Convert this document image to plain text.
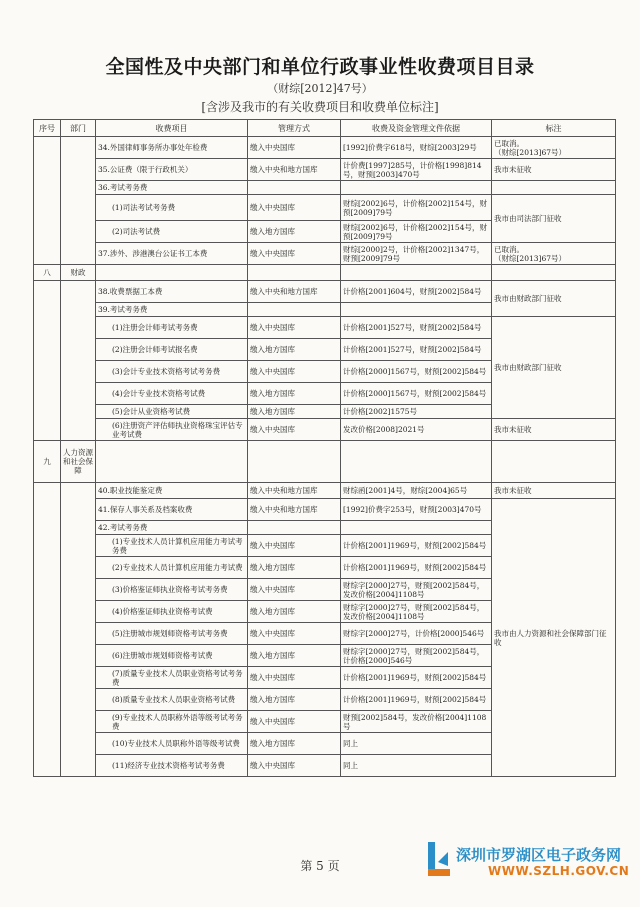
全国性及中央部门和单位行政事业性收费项目目录
（财综[2012]47号）
[含涉及我市的有关收费项目和收费单位标注]
序号	部门	收费项目	管理方式	收费及资金管理文件依据	标注
		34.外国律师事务所办事处年检费	缴入中央国库	[1992]价费字618号，财综[2003]29号	已取消。
（财综[2013]67号）
		35.公证费（限于行政机关）	缴入中央和地方国库	计价费[1997]285号，计价格[1998]814号，财预[2003]470号	我市未征收
		36.考试考务费			
		(1)司法考试考务费	缴入中央国库	财综[2002]6号，计价格[2002]154号，财预[2009]79号	我市由司法部门征收
		(2)司法考试费	缴入地方国库	财综[2002]6号，计价格[2002]154号，财预[2009]79号	
		37.涉外、涉港澳台公证书工本费	缴入中央国库	财综[2000]2号，计价格[2002]1347号，财预[2009]79号	已取消。
（财综[2013]67号）
八	财政				
		38.收费票据工本费	缴入中央和地方国库	计价格[2001]604号，财预[2002]584号	我市由财政部门征收
		39.考试考务费			
		(1)注册会计师考试考务费	缴入中央国库	计价格[2001]527号，财预[2002]584号	我市由财政部门征收
		(2)注册会计师考试报名费	缴入地方国库	计价格[2001]527号，财预[2002]584号	
		(3)会计专业技术资格考试考务费	缴入中央国库	计价格[2000]1567号，财预[2002]584号	
		(4)会计专业技术资格考试费	缴入地方国库	计价格[2000]1567号，财预[2002]584号	
		(5)会计从业资格考试费	缴入地方国库	计价格[2002]1575号	
		(6)注册资产评估师执业资格珠宝评估专业考试费	缴入中央国库	发改价格[2008]2021号	我市未征收
九	人力资源和社会保障				
		40.职业技能鉴定费	缴入中央和地方国库	财综函[2001]4号，财综[2004]65号	我市未征收
		41.保存人事关系及档案收费	缴入中央和地方国库	[1992]价费字253号，财预[2003]470号	我市由人力资源和社会保障部门征收
		42.考试考务费			
		(1)专业技术人员计算机应用能力考试考务费	缴入中央国库	计价格[2001]1969号，财预[2002]584号	
		(2)专业技术人员计算机应用能力考试费	缴入地方国库	计价格[2001]1969号，财预[2002]584号	
		(3)价格鉴证师执业资格考试考务费	缴入中央国库	财综字[2000]27号，财预[2002]584号，发改价格[2004]1108号	
		(4)价格鉴证师执业资格考试费	缴入地方国库	财综字[2000]27号，财预[2002]584号，发改价格[2004]1108号	
		(5)注册城市规划师资格考试考务费	缴入中央国库	财综字[2000]27号，计价格[2000]546号	
		(6)注册城市规划师资格考试费	缴入地方国库	财综字[2000]27号，财预[2002]584号，计价格[2000]546号	
		(7)质量专业技术人员职业资格考试考务费	缴入中央国库	计价格[2001]1969号，财预[2002]584号	
		(8)质量专业技术人员职业资格考试费	缴入地方国库	计价格[2001]1969号，财预[2002]584号	
		(9)专业技术人员职称外语等级考试考务费	缴入中央国库	财预[2002]584号，发改价格[2004]1108号	
		(10)专业技术人员职称外语等级考试费	缴入地方国库	同上	
		(11)经济专业技术资格考试考务费	缴入中央国库	同上	
第 5 页
深圳市罗湖区电子政务网
WWW.SZLH.GOV.CN
